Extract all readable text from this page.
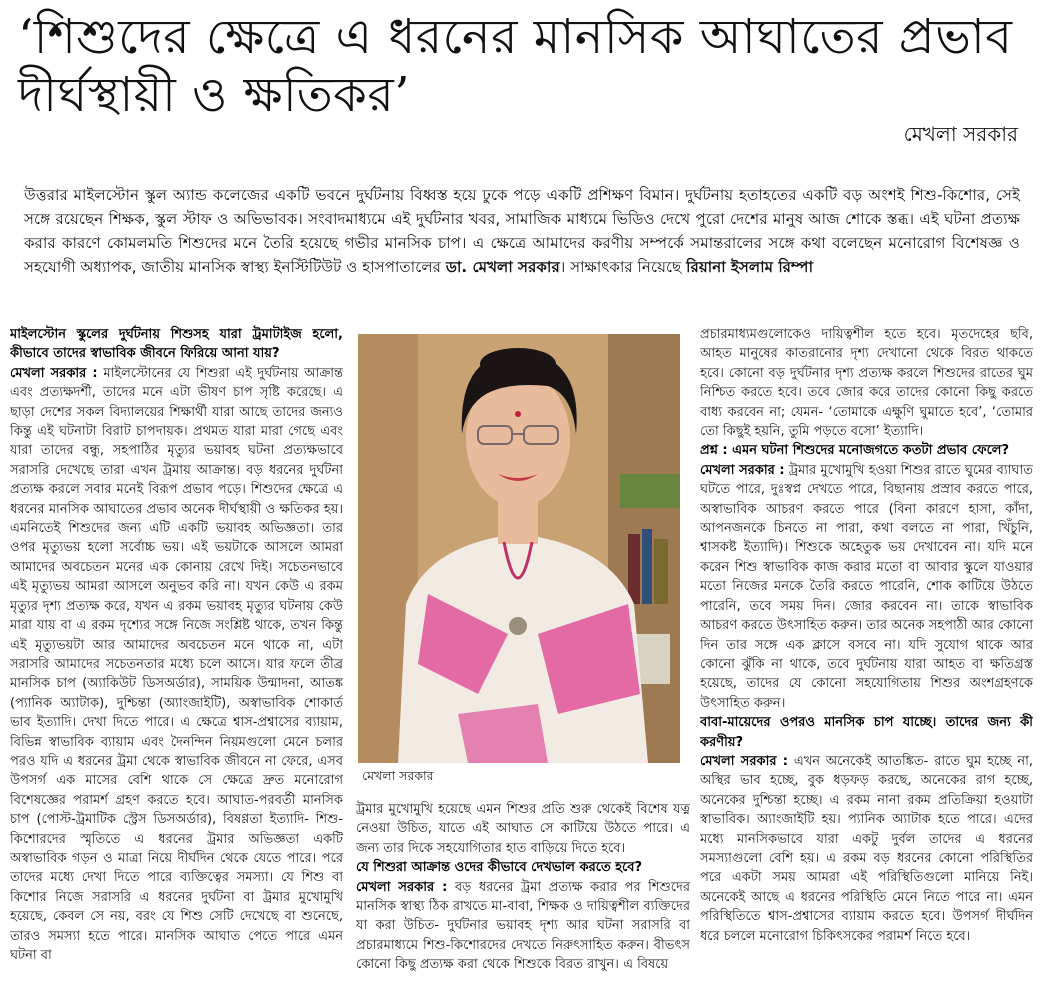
‘শিশুদের ক্ষেত্রে এ ধরনের মানসিক আঘাতের প্রভাব দীর্ঘস্থায়ী ও ক্ষতিকর’
মেখলা সরকার

উত্তরার মাইলস্টোন স্কুল অ্যান্ড কলেজের একটি ভবনে দুর্ঘটনায় বিধ্বস্ত হয়ে ঢুকে পড়ে একটি প্রশিক্ষণ বিমান। দুর্ঘটনায় হতাহতের একটি বড় অংশই শিশু-কিশোর, সেই সঙ্গে রয়েছেন শিক্ষক, স্কুল স্টাফ ও অভিভাবক। সংবাদমাধ্যমে এই দুর্ঘটনার খবর, সামাজিক মাধ্যমে ভিডিও দেখে পুরো দেশের মানুষ আজ শোকে স্তব্ধ। এই ঘটনা প্রত্যক্ষ করার কারণে কোমলমতি শিশুদের মনে তৈরি হয়েছে গভীর মানসিক চাপ। এ ক্ষেত্রে আমাদের করণীয় সম্পর্কে সমান্তরালের সঙ্গে কথা বলেছেন মনোরোগ বিশেষজ্ঞ ও সহযোগী অধ্যাপক, জাতীয় মানসিক স্বাস্থ্য ইনস্টিটিউট ও হাসপাতালের ডা. মেখলা সরকার। সাক্ষাৎকার নিয়েছে রিয়ানা ইসলাম রিম্পা

মাইলস্টোন স্কুলের দুর্ঘটনায় শিশুসহ যারা ট্রমাটাইজ হলো, কীভাবে তাদের স্বাভাবিক জীবনে ফিরিয়ে আনা যায়?

মেখলা সরকার : মাইলস্টোনের যে শিশুরা এই দুর্ঘটনায় আক্রান্ত এবং প্রত্যক্ষদর্শী, তাদের মনে এটা ভীষণ চাপ সৃষ্টি করেছে। এ ছাড়া দেশের সকল বিদ্যালয়ের শিক্ষার্থী যারা আছে তাদের জন্যও কিন্তু এই ঘটনাটা বিরাট চাপদায়ক। প্রথমত যারা মারা গেছে এবং যারা তাদের বন্ধু, সহপাঠির মৃত্যুর ভয়াবহ ঘটনা প্রত্যক্ষভাবে সরাসরি দেখেছে তারা এখন ট্রমায় আক্রান্ত। বড় ধরনের দুর্ঘটনা প্রত্যক্ষ করলে সবার মনেই বিরূপ প্রভাব পড়ে। শিশুদের ক্ষেত্রে এ ধরনের মানসিক আঘাতের প্রভাব অনেক দীর্ঘস্থায়ী ও ক্ষতিকর হয়। এমনিতেই শিশুদের জন্য এটি একটি ভয়াবহ অভিজ্ঞতা। তার ওপর মৃত্যুভয় হলো সর্বোচ্চ ভয়। এই ভয়টাকে আসলে আমরা আমাদের অবচেতন মনের এক কোনায় রেখে দিই। সচেতনভাবে এই মৃত্যুভয় আমরা আসলে অনুভব করি না। যখন কেউ এ রকম মৃত্যুর দৃশ্য প্রত্যক্ষ করে, যখন এ রকম ভয়াবহ মৃত্যুর ঘটনায় কেউ মারা যায় বা এ রকম দৃশ্যের সঙ্গে নিজে সংশ্লিষ্ট থাকে, তখন কিন্তু এই মৃত্যুভয়টা আর আমাদের অবচেতন মনে থাকে না, এটা সরাসরি আমাদের সচেতনতার মধ্যে চলে আসে। যার ফলে তীব্র মানসিক চাপ (অ্যাকিউট ডিসঅর্ডার), সাময়িক উন্মাদনা, আতঙ্ক (প্যানিক অ্যাটাক), দুশ্চিন্তা (অ্যাংজাইটি), অস্বাভাবিক শোকার্ত ভাব ইত্যাদি। দেখা দিতে পারে। এ ক্ষেত্রে শ্বাস-প্রশ্বাসের ব্যায়াম, বিভিন্ন স্বাভাবিক ব্যায়াম এবং দৈনন্দিন নিয়মগুলো মেনে চলার পরও যদি এ ধরনের ট্রমা থেকে স্বাভাবিক জীবনে না ফেরে, এসব উপসর্গ এক মাসের বেশি থাকে সে ক্ষেত্রে দ্রুত মনোরোগ বিশেষজ্ঞের পরামর্শ গ্রহণ করতে হবে। আঘাত-পরবর্তী মানসিক চাপ (পোস্ট-ট্রমাটিক স্ট্রেস ডিসঅর্ডার), বিষণ্ণতা ইত্যাদি- শিশু-কিশোরদের স্মৃতিতে এ ধরনের ট্রমার অভিজ্ঞতা একটি অস্বাভাবিক গড়ন ও মাত্রা নিয়ে দীর্ঘদিন থেকে যেতে পারে। পরে তাদের মধ্যে দেখা দিতে পারে ব্যক্তিত্বের সমস্যা। যে শিশু বা কিশোর নিজে সরাসরি এ ধরনের দুর্ঘটনা বা ট্রমার মুখোমুখি হয়েছে, কেবল সে নয়, বরং যে শিশু সেটি দেখেছে বা শুনেছে, তারও সমস্যা হতে পারে। মানসিক আঘাত পেতে পারে এমন ঘটনা বা

মেখলা সরকার

ট্রমার মুখোমুখি হয়েছে এমন শিশুর প্রতি শুরু থেকেই বিশেষ যত্ন নেওয়া উচিত, যাতে এই আঘাত সে কাটিয়ে উঠতে পারে। এ জন্য তার দিকে সহযোগিতার হাত বাড়িয়ে দিতে হবে।

যে শিশুরা আক্রান্ত ওদের কীভাবে দেখভাল করতে হবে?

মেখলা সরকার : বড় ধরনের ট্রমা প্রত্যক্ষ করার পর শিশুদের মানসিক স্বাস্থ্য ঠিক রাখতে মা-বাবা, শিক্ষক ও দায়িত্বশীল ব্যক্তিদের যা করা উচিত- দুর্ঘটনার ভয়াবহ দৃশ্য আর ঘটনা সরাসরি বা প্রচারমাধ্যমে শিশু-কিশোরদের দেখতে নিরুৎসাহিত করুন। বীভৎস কোনো কিছু প্রত্যক্ষ করা থেকে শিশুকে বিরত রাখুন। এ বিষয়ে

প্রচারমাধ্যমগুলোকেও দায়িত্বশীল হতে হবে। মৃতদেহের ছবি, আহত মানুষের কাতরানোর দৃশ্য দেখানো থেকে বিরত থাকতে হবে। কোনো বড় দুর্ঘটনার দৃশ্য প্রত্যক্ষ করলে শিশুদের রাতের ঘুম নিশ্চিত করতে হবে। তবে জোর করে তাদের কোনো কিছু করতে বাধ্য করবেন না; যেমন- ‘তোমাকে এক্ষুণি ঘুমাতে হবে’, ‘তোমার তো কিছুই হয়নি, তুমি পড়তে বসো’ ইত্যাদি।

প্রশ্ন : এমন ঘটনা শিশুদের মনোজগতে কতটা প্রভাব ফেলে?

মেখলা সরকার : ট্রমার মুখোমুখি হওয়া শিশুর রাতে ঘুমের ব্যাঘাত ঘটতে পারে, দুঃস্বপ্ন দেখতে পারে, বিছানায় প্রস্রাব করতে পারে, অস্বাভাবিক আচরণ করতে পারে (বিনা কারণে হাসা, কাঁদা, আপনজনকে চিনতে না পারা, কথা বলতে না পারা, খিঁচুনি, শ্বাসকষ্ট ইত্যাদি)। শিশুকে অহেতুক ভয় দেখাবেন না। যদি মনে করেন শিশু স্বাভাবিক কাজ করার মতো বা আবার স্কুলে যাওয়ার মতো নিজের মনকে তৈরি করতে পারেনি, শোক কাটিয়ে উঠতে পারেনি, তবে সময় দিন। জোর করবেন না। তাকে স্বাভাবিক আচরণ করতে উৎসাহিত করুন। তার অনেক সহপাঠী আর কোনো দিন তার সঙ্গে এক ক্লাসে বসবে না। যদি সুযোগ থাকে আর কোনো ঝুঁকি না থাকে, তবে দুর্ঘটনায় যারা আহত বা ক্ষতিগ্রস্ত হয়েছে, তাদের যে কোনো সহযোগিতায় শিশুর অংশগ্রহণকে উৎসাহিত করুন।

বাবা-মায়েদের ওপরও মানসিক চাপ যাচ্ছে। তাদের জন্য কী করণীয়?

মেখলা সরকার : এখন অনেকেই আতঙ্কিত- রাতে ঘুম হচ্ছে না, অস্থির ভাব হচ্ছে, বুক ধড়ফড় করছে, অনেকের রাগ হচ্ছে, অনেকের দুশ্চিন্তা হচ্ছে। এ রকম নানা রকম প্রতিক্রিয়া হওয়াটা স্বাভাবিক। অ্যাংজাইটি হয়। প্যানিক অ্যাটাক হতে পারে। এদের মধ্যে মানসিকভাবে যারা একটু দুর্বল তাদের এ ধরনের সমস্যাগুলো বেশি হয়। এ রকম বড় ধরনের কোনো পরিস্থিতির পরে একটা সময় আমরা এই পরিস্থিতিগুলো মানিয়ে নিই। অনেকেই আছে এ ধরনের পরিস্থিতি মেনে নিতে পারে না। এমন পরিস্থিতিতে শ্বাস-প্রশ্বাসের ব্যায়াম করতে হবে। উপসর্গ দীর্ঘদিন ধরে চললে মনোরোগ চিকিৎসকের পরামর্শ নিতে হবে।
